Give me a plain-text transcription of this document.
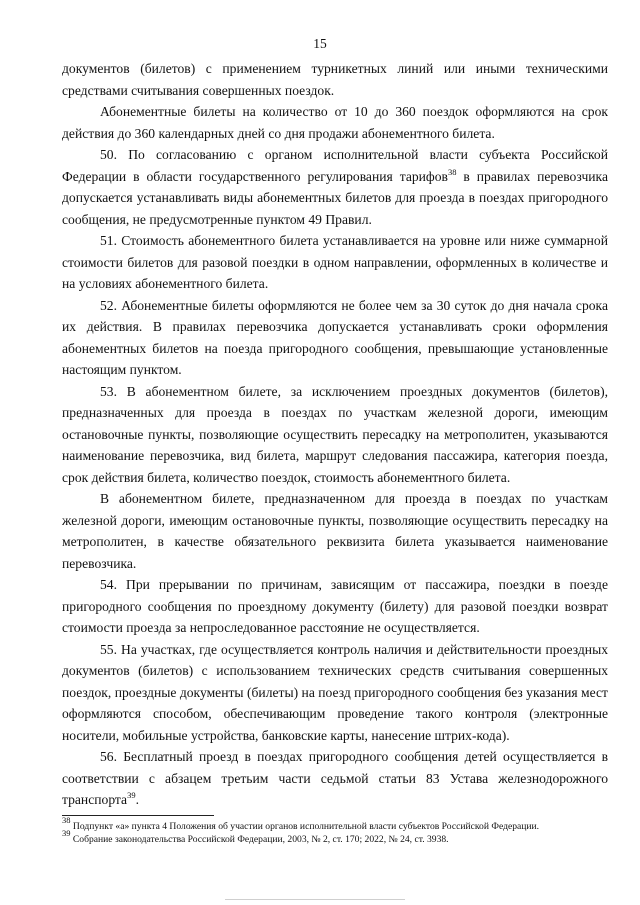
15

документов (билетов) с применением турникетных линий или иными техническими средствами считывания совершенных поездок.

Абонементные билеты на количество от 10 до 360 поездок оформляются на срок действия до 360 календарных дней со дня продажи абонементного билета.

50. По согласованию с органом исполнительной власти субъекта Российской Федерации в области государственного регулирования тарифов$^{38}$ в правилах перевозчика допускается устанавливать виды абонементных билетов для проезда в поездах пригородного сообщения, не предусмотренные пунктом 49 Правил.

51. Стоимость абонементного билета устанавливается на уровне или ниже суммарной стоимости билетов для разовой поездки в одном направлении, оформленных в количестве и на условиях абонементного билета.

52. Абонементные билеты оформляются не более чем за 30 суток до дня начала срока их действия. В правилах перевозчика допускается устанавливать сроки оформления абонементных билетов на поезда пригородного сообщения, превышающие установленные настоящим пунктом.

53. В абонементном билете, за исключением проездных документов (билетов), предназначенных для проезда в поездах по участкам железной дороги, имеющим остановочные пункты, позволяющие осуществить пересадку на метрополитен, указываются наименование перевозчика, вид билета, маршрут следования пассажира, категория поезда, срок действия билета, количество поездок, стоимость абонементного билета.

В абонементном билете, предназначенном для проезда в поездах по участкам железной дороги, имеющим остановочные пункты, позволяющие осуществить пересадку на метрополитен, в качестве обязательного реквизита билета указывается наименование перевозчика.

54. При прерывании по причинам, зависящим от пассажира, поездки в поезде пригородного сообщения по проездному документу (билету) для разовой поездки возврат стоимости проезда за непроследованное расстояние не осуществляется.

55. На участках, где осуществляется контроль наличия и действительности проездных документов (билетов) с использованием технических средств считывания совершенных поездок, проездные документы (билеты) на поезд пригородного сообщения без указания мест оформляются способом, обеспечивающим проведение такого контроля (электронные носители, мобильные устройства, банковские карты, нанесение штрих-кода).

56. Бесплатный проезд в поездах пригородного сообщения детей осуществляется в соответствии с абзацем третьим части седьмой статьи 83 Устава железнодорожного транспорта$^{39}$.

$^{38}$ Подпункт «а» пункта 4 Положения об участии органов исполнительной власти субъектов Российской Федерации.
$^{39}$ Собрание законодательства Российской Федерации, 2003, № 2, ст. 170; 2022, № 24, ст. 3938.
